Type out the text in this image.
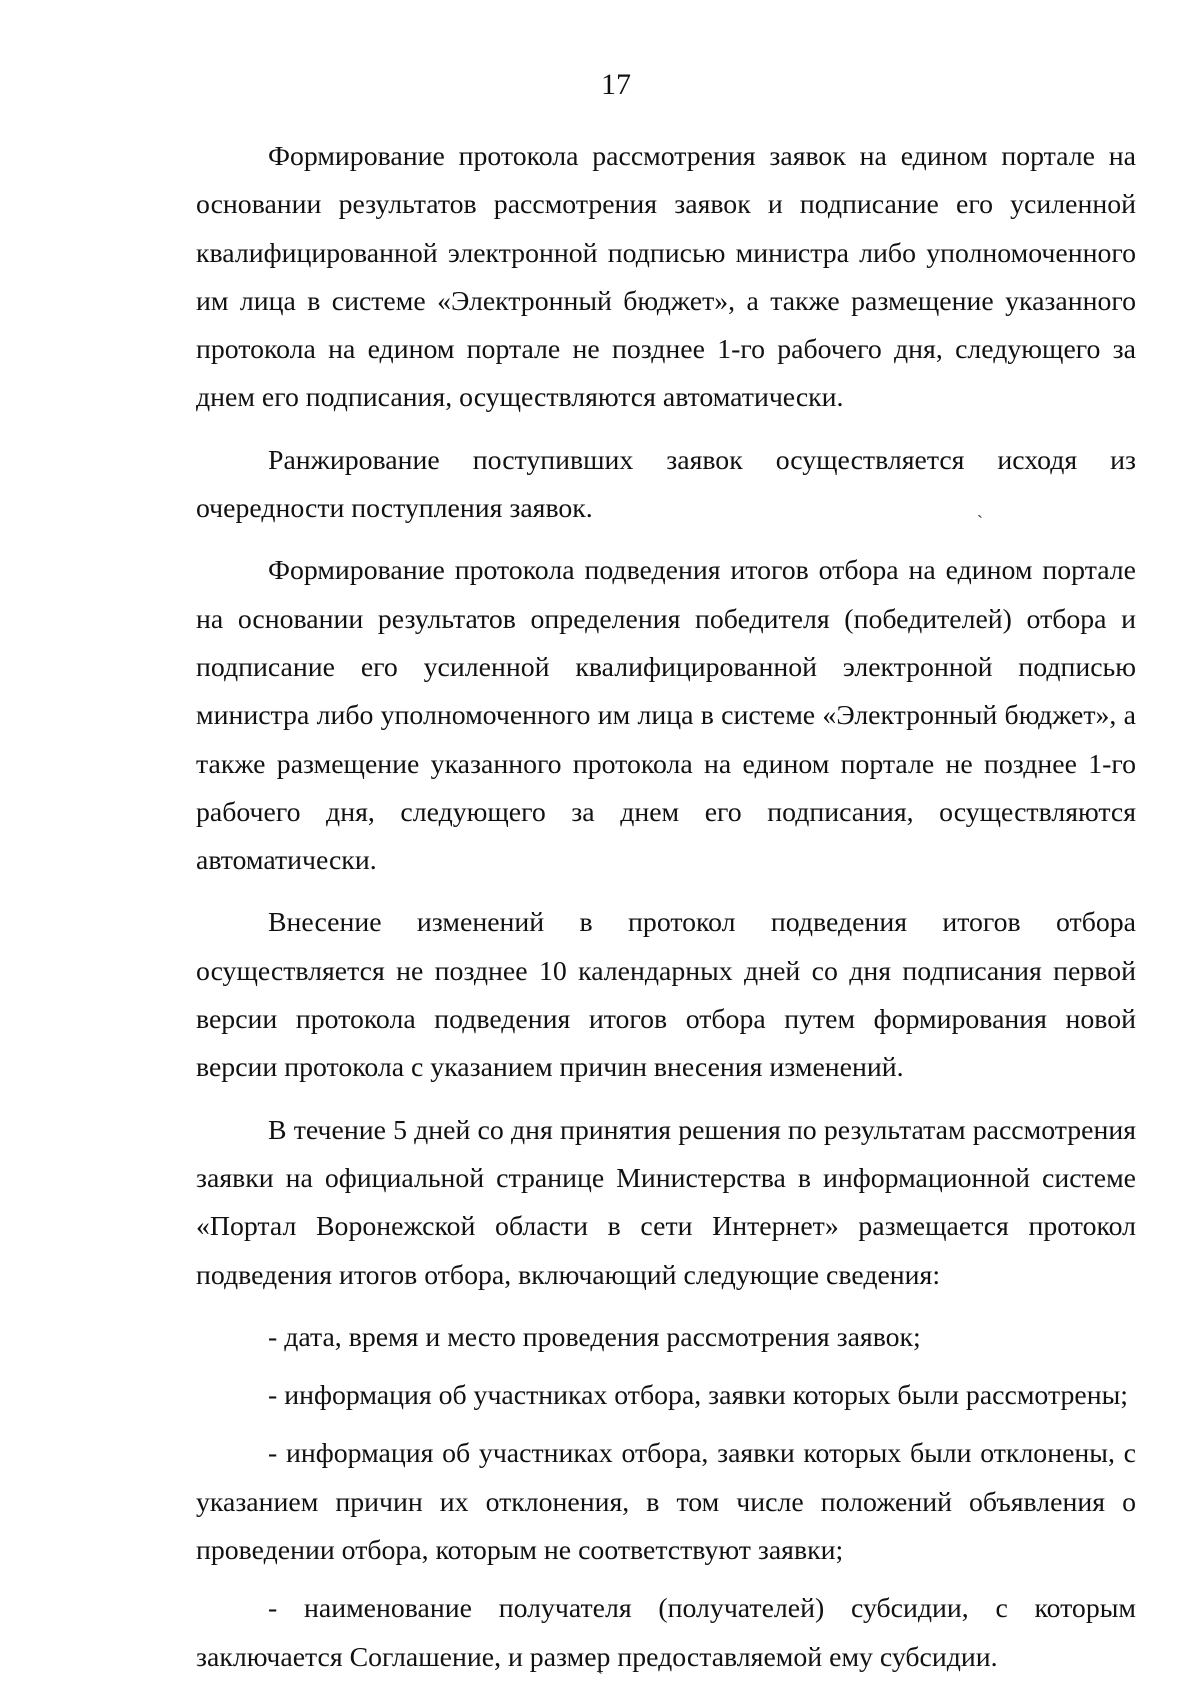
17

Формирование протокола рассмотрения заявок на едином портале на основании результатов рассмотрения заявок и подписание его усиленной квалифицированной электронной подписью министра либо уполномоченного им лица в системе «Электронный бюджет», а также размещение указанного протокола на едином портале не позднее 1-го рабочего дня, следующего за днем его подписания, осуществляются автоматически.

Ранжирование поступивших заявок осуществляется исходя из очередности поступления заявок.

Формирование протокола подведения итогов отбора на едином портале на основании результатов определения победителя (победителей) отбора и подписание его усиленной квалифицированной электронной подписью министра либо уполномоченного им лица в системе «Электронный бюджет», а также размещение указанного протокола на едином портале не позднее 1-го рабочего дня, следующего за днем его подписания, осуществляются автоматически.

Внесение изменений в протокол подведения итогов отбора осуществляется не позднее 10 календарных дней со дня подписания первой версии протокола подведения итогов отбора путем формирования новой версии протокола с указанием причин внесения изменений.

В течение 5 дней со дня принятия решения по результатам рассмотрения заявки на официальной странице Министерства в информационной системе «Портал Воронежской области в сети Интернет» размещается протокол подведения итогов отбора, включающий следующие сведения:

- дата, время и место проведения рассмотрения заявок;

- информация об участниках отбора, заявки которых были рассмотрены;

- информация об участниках отбора, заявки которых были отклонены, с указанием причин их отклонения, в том числе положений объявления о проведении отбора, которым не соответствуют заявки;

- наименование получателя (получателей) субсидии, с которым заключается Соглашение, и размер предоставляемой ему субсидии.

`
`
